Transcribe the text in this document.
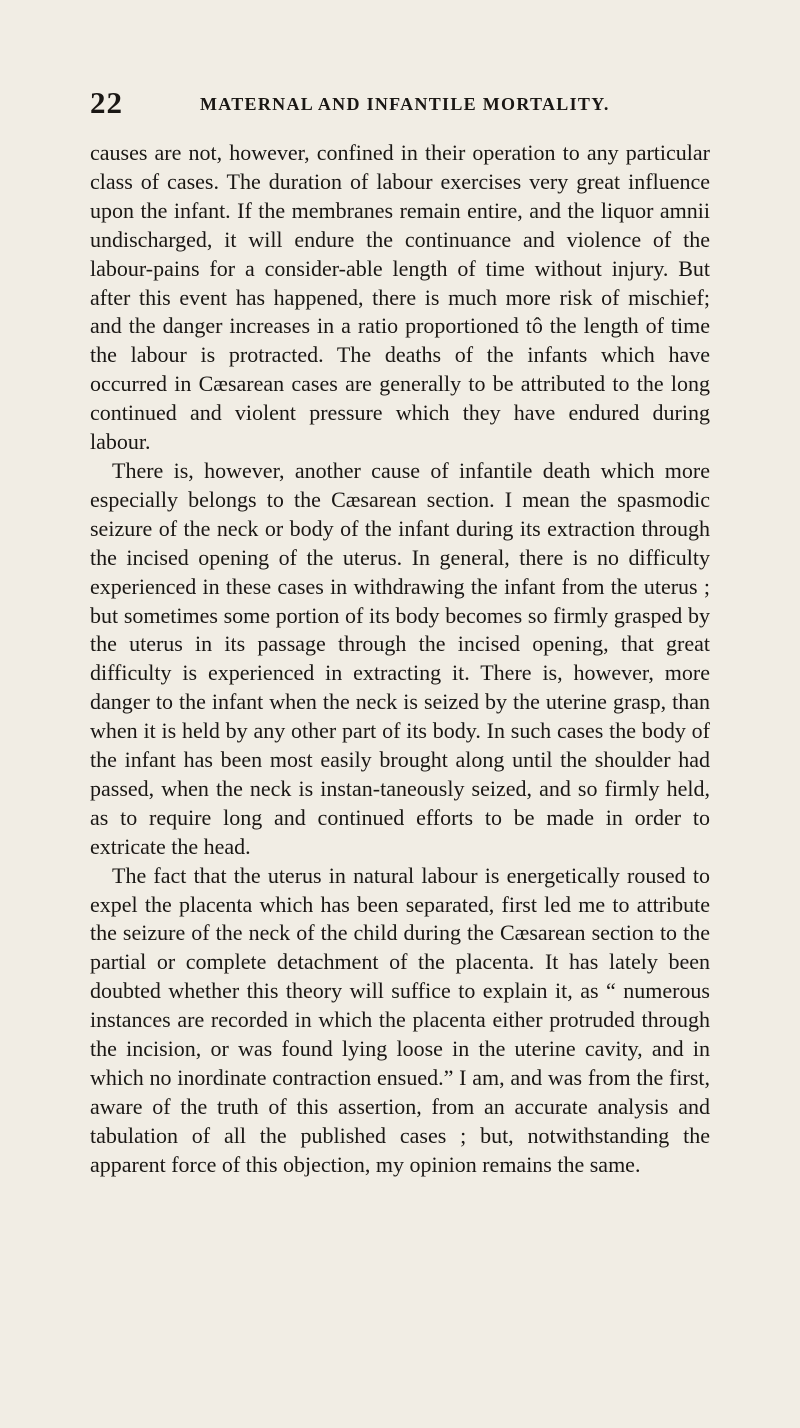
22	MATERNAL AND INFANTILE MORTALITY.

causes are not, however, confined in their operation to any particular class of cases. The duration of labour exercises very great influence upon the infant. If the membranes remain entire, and the liquor amnii undischarged, it will endure the continuance and violence of the labour-pains for a consider-able length of time without injury. But after this event has happened, there is much more risk of mischief; and the danger increases in a ratio proportioned tô the length of time the labour is protracted. The deaths of the infants which have occurred in Cæsarean cases are generally to be attributed to the long continued and violent pressure which they have endured during labour.

There is, however, another cause of infantile death which more especially belongs to the Cæsarean section. I mean the spasmodic seizure of the neck or body of the infant during its extraction through the incised opening of the uterus. In general, there is no difficulty experienced in these cases in withdrawing the infant from the uterus ; but sometimes some portion of its body becomes so firmly grasped by the uterus in its passage through the incised opening, that great difficulty is experienced in extracting it. There is, however, more danger to the infant when the neck is seized by the uterine grasp, than when it is held by any other part of its body. In such cases the body of the infant has been most easily brought along until the shoulder had passed, when the neck is instan-taneously seized, and so firmly held, as to require long and continued efforts to be made in order to extricate the head.

The fact that the uterus in natural labour is energetically roused to expel the placenta which has been separated, first led me to attribute the seizure of the neck of the child during the Cæsarean section to the partial or complete detachment of the placenta. It has lately been doubted whether this theory will suffice to explain it, as “ numerous instances are recorded in which the placenta either protruded through the incision, or was found lying loose in the uterine cavity, and in which no inordinate contraction ensued.” I am, and was from the first, aware of the truth of this assertion, from an accurate analysis and tabulation of all the published cases ; but, notwithstanding the apparent force of this objection, my opinion remains the same.
